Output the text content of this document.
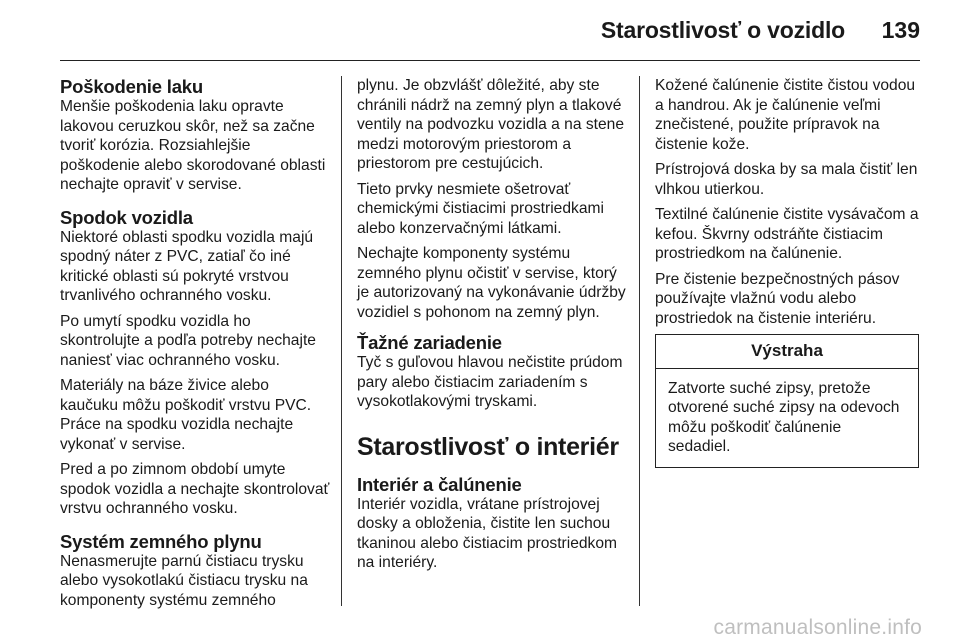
Starostlivosť o vozidlo 139
Poškodenie laku

Menšie poškodenia laku opravte lakovou ceruzkou skôr, než sa začne tvoriť korózia. Rozsiahlejšie poškodenie alebo skorodované oblasti nechajte opraviť v servise.

Spodok vozidla

Niektoré oblasti spodku vozidla majú spodný náter z PVC, zatiaľ čo iné kritické oblasti sú pokryté vrstvou trvanlivého ochranného vosku.

Po umytí spodku vozidla ho skontrolujte a podľa potreby nechajte naniesť viac ochranného vosku.

Materiály na báze živice alebo kaučuku môžu poškodiť vrstvu PVC. Práce na spodku vozidla nechajte vykonať v servise.

Pred a po zimnom období umyte spodok vozidla a nechajte skontrolovať vrstvu ochranného vosku.

Systém zemného plynu

Nenasmerujte parnú čistiacu trysku alebo vysokotlakú čistiacu trysku na komponenty systému zemného

plynu. Je obzvlášť dôležité, aby ste chránili nádrž na zemný plyn a tlakové ventily na podvozku vozidla a na stene medzi motorovým priestorom a priestorom pre cestujúcich.

Tieto prvky nesmiete ošetrovať chemickými čistiacimi prostriedkami alebo konzervačnými látkami.

Nechajte komponenty systému zemného plynu očistiť v servise, ktorý je autorizovaný na vykonávanie údržby vozidiel s pohonom na zemný plyn.

Ťažné zariadenie

Tyč s guľovou hlavou nečistite prúdom pary alebo čistiacim zariadením s vysokotlakovými tryskami.

Starostlivosť o interiér
Interiér a čalúnenie

Interiér vozidla, vrátane prístrojovej dosky a obloženia, čistite len suchou tkaninou alebo čistiacim prostriedkom na interiéry.

Kožené čalúnenie čistite čistou vodou a handrou. Ak je čalúnenie veľmi znečistené, použite prípravok na čistenie kože.

Prístrojová doska by sa mala čistiť len vlhkou utierkou.

Textilné čalúnenie čistite vysávačom a kefou. Škvrny odstráňte čistiacim prostriedkom na čalúnenie.

Pre čistenie bezpečnostných pásov používajte vlažnú vodu alebo prostriedok na čistenie interiéru.

Výstraha
Zatvorte suché zipsy, pretože otvorené suché zipsy na odevoch môžu poškodiť čalúnenie sedadiel.
carmanualsonline.info
